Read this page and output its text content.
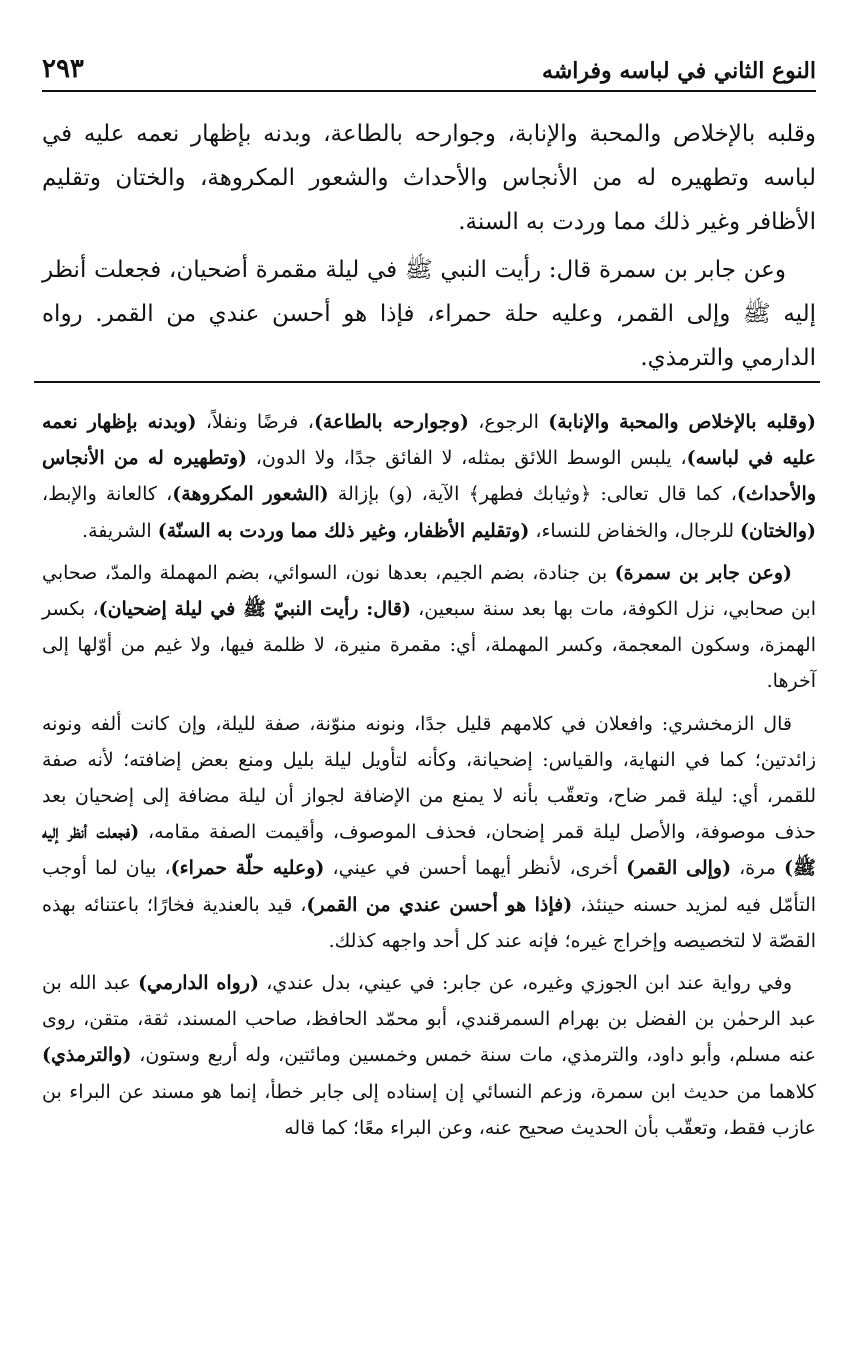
النوع الثاني في لباسه وفراشه
٢٩٣

وقلبه بالإخلاص والمحبة والإنابة، وجوارحه بالطاعة، وبدنه بإظهار نعمه عليه في لباسه وتطهيره له من الأنجاس والأحداث والشعور المكروهة، والختان وتقليم الأظافر وغير ذلك مما وردت به السنة.

وعن جابر بن سمرة قال: رأيت النبي ﷺ في ليلة مقمرة أضحيان، فجعلت أنظر إليه ﷺ وإلى القمر، وعليه حلة حمراء، فإذا هو أحسن عندي من القمر. رواه الدارمي والترمذي.

(وقلبه بالإخلاص والمحبة والإنابة) الرجوع، (وجوارحه بالطاعة)، فرضًا ونفلاً، (وبدنه بإظهار نعمه عليه في لباسه)، يلبس الوسط اللائق بمثله، لا الفائق جدًا، ولا الدون، (وتطهيره له من الأنجاس والأحداث)، كما قال تعالى: ﴿وثيابك فطهر﴾ الآية، (و) بإزالة (الشعور المكروهة)، كالعانة والإبط، (والختان) للرجال، والخفاض للنساء، (وتقليم الأظفار، وغير ذلك مما وردت به السنّة) الشريفة.

(وعن جابر بن سمرة) بن جنادة، بضم الجيم، بعدها نون، السوائي، بضم المهملة والمدّ، صحابي ابن صحابي، نزل الكوفة، مات بها بعد سنة سبعين، (قال: رأيت النبيّ ﷺ في ليلة إضحيان)، بكسر الهمزة، وسكون المعجمة، وكسر المهملة، أي: مقمرة منيرة، لا ظلمة فيها، ولا غيم من أوّلها إلى آخرها.

قال الزمخشري: وافعلان في كلامهم قليل جدًا، ونونه منوّنة، صفة لليلة، وإن كانت ألفه ونونه زائدتين؛ كما في النهاية، والقياس: إضحيانة، وكأنه لتأويل ليلة بليل ومنع بعض إضافته؛ لأنه صفة للقمر، أي: ليلة قمر ضاح، وتعقّب بأنه لا يمنع من الإضافة لجواز أن ليلة مضافة إلى إضحيان بعد حذف موصوفة، والأصل ليلة قمر إضحان، فحذف الموصوف، وأقيمت الصفة مقامه، (فجعلت أنظر إليه ﷺ) مرة، (وإلى القمر) أخرى، لأنظر أيهما أحسن في عيني، (وعليه حلّة حمراء)، بيان لما أوجب التأمّل فيه لمزيد حسنه حينئذ، (فإذا هو أحسن عندي من القمر)، قيد بالعندية فخارًا؛ باعتنائه بهذه القصّة لا لتخصيصه وإخراج غيره؛ فإنه عند كل أحد واجهه كذلك.

وفي رواية عند ابن الجوزي وغيره، عن جابر: في عيني، بدل عندي، (رواه الدارمي) عبد الله بن عبد الرحمٰن بن الفضل بن بهرام السمرقندي، أبو محمّد الحافظ، صاحب المسند، ثقة، متقن، روى عنه مسلم، وأبو داود، والترمذي، مات سنة خمس وخمسين ومائتين، وله أربع وستون، (والترمذي) كلاهما من حديث ابن سمرة، وزعم النسائي إن إسناده إلى جابر خطأ، إنما هو مسند عن البراء بن عازب فقط، وتعقّب بأن الحديث صحيح عنه، وعن البراء معًا؛ كما قاله
